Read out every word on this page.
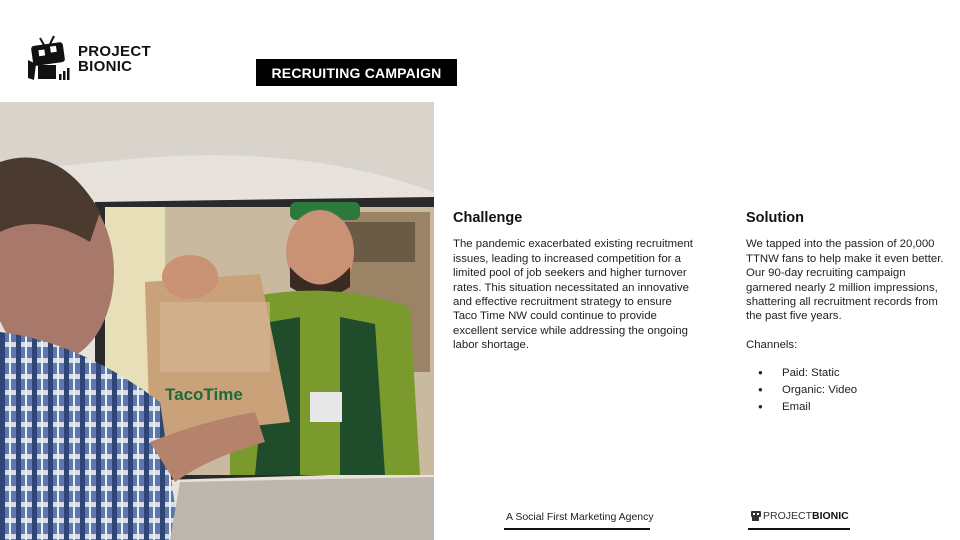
PROJECT
BIONIC	RECRUITING CAMPAIGN
TacoTime
Challenge

The pandemic exacerbated existing recruitment issues, leading to increased competition for a limited pool of job seekers and higher turnover rates. This situation necessitated an innovative and effective recruitment strategy to ensure Taco Time NW could continue to provide excellent service while addressing the ongoing labor shortage.

Solution

We tapped into the passion of 20,000 TTNW fans to help make it even better. Our 90-day recruiting campaign garnered nearly 2 million impressions, shattering all recruitment records from the past five years.

Channels:

● Paid: Static
● Organic: Video
● Email
A Social First Marketing Agency	PROJECT BIONIC
